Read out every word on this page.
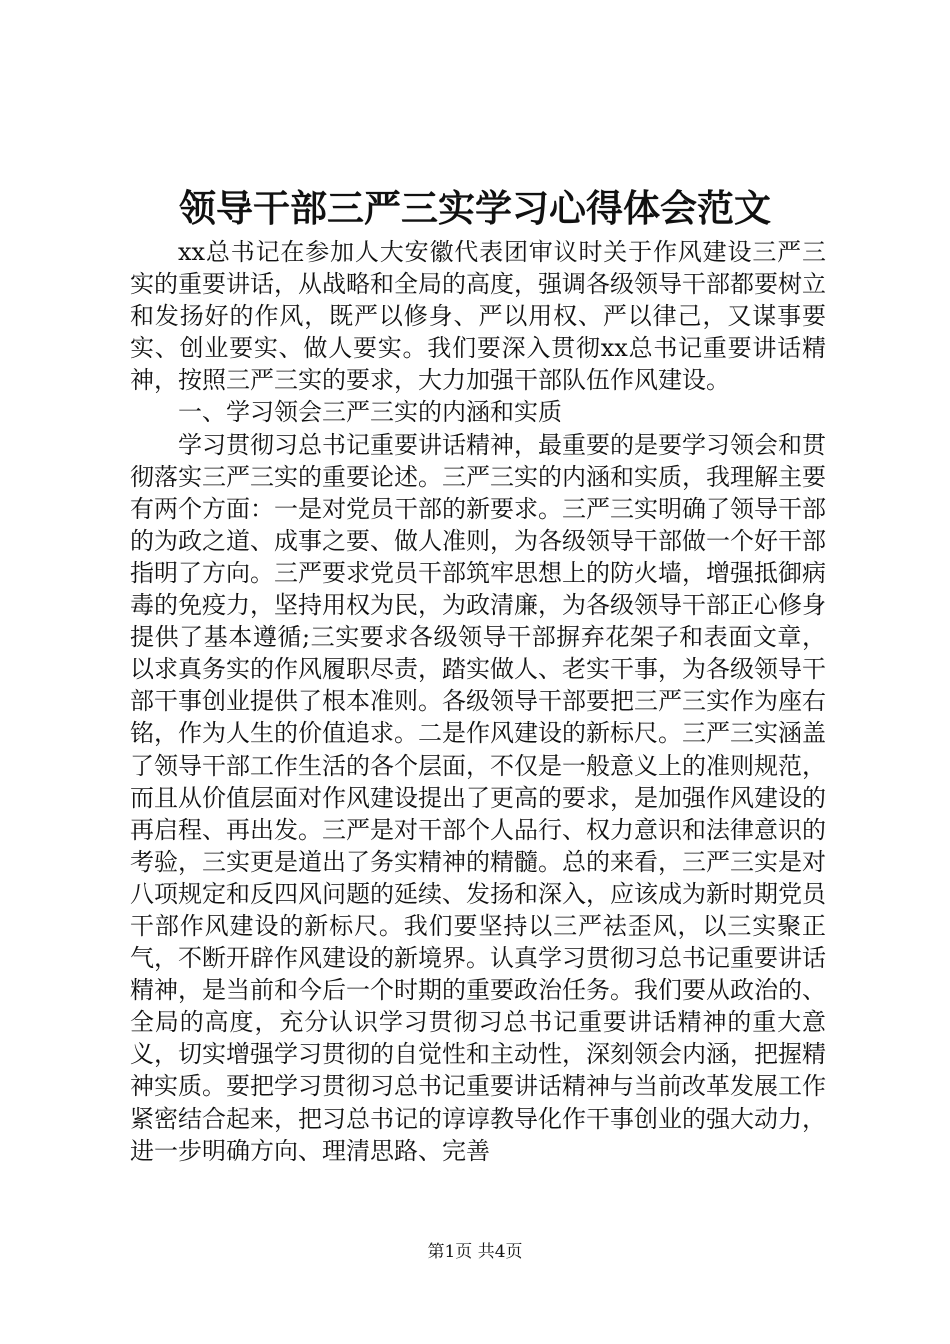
领导干部三严三实学习心得体会范文

xx总书记在参加人大安徽代表团审议时关于作风建设三严三实的重要讲话，从战略和全局的高度，强调各级领导干部都要树立和发扬好的作风，既严以修身、严以用权、严以律己，又谋事要实、创业要实、做人要实。我们要深入贯彻xx总书记重要讲话精神，按照三严三实的要求，大力加强干部队伍作风建设。

一、学习领会三严三实的内涵和实质

学习贯彻习总书记重要讲话精神，最重要的是要学习领会和贯彻落实三严三实的重要论述。三严三实的内涵和实质，我理解主要有两个方面：一是对党员干部的新要求。三严三实明确了领导干部的为政之道、成事之要、做人准则，为各级领导干部做一个好干部指明了方向。三严要求党员干部筑牢思想上的防火墙，增强抵御病毒的免疫力，坚持用权为民，为政清廉，为各级领导干部正心修身提供了基本遵循;三实要求各级领导干部摒弃花架子和表面文章，以求真务实的作风履职尽责，踏实做人、老实干事，为各级领导干部干事创业提供了根本准则。各级领导干部要把三严三实作为座右铭，作为人生的价值追求。二是作风建设的新标尺。三严三实涵盖了领导干部工作生活的各个层面，不仅是一般意义上的准则规范，而且从价值层面对作风建设提出了更高的要求，是加强作风建设的再启程、再出发。三严是对干部个人品行、权力意识和法律意识的考验，三实更是道出了务实精神的精髓。总的来看，三严三实是对八项规定和反四风问题的延续、发扬和深入，应该成为新时期党员干部作风建设的新标尺。我们要坚持以三严祛歪风，以三实聚正气，不断开辟作风建设的新境界。认真学习贯彻习总书记重要讲话精神，是当前和今后一个时期的重要政治任务。我们要从政治的、全局的高度，充分认识学习贯彻习总书记重要讲话精神的重大意义，切实增强学习贯彻的自觉性和主动性，深刻领会内涵，把握精神实质。要把学习贯彻习总书记重要讲话精神与当前改革发展工作紧密结合起来，把习总书记的谆谆教导化作干事创业的强大动力，进一步明确方向、理清思路、完善

第1页 共4页
